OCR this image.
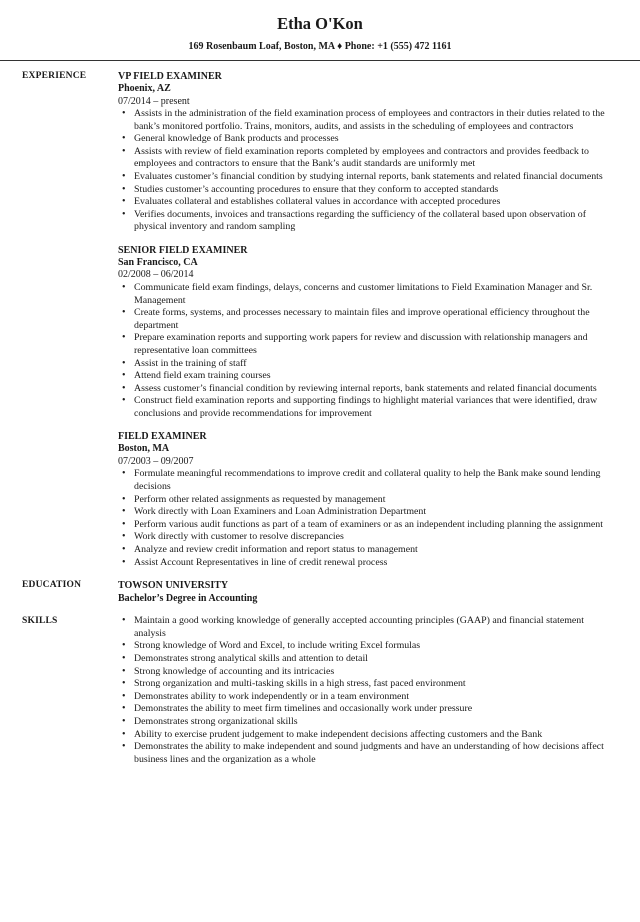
Etha O'Kon
169 Rosenbaum Loaf, Boston, MA ♦ Phone: +1 (555) 472 1161
EXPERIENCE	VP FIELD EXAMINER
Phoenix, AZ
07/2014 – present
• Assists in the administration of the field examination process of employees and contractors in their duties related to the bank’s monitored portfolio. Trains, monitors, audits, and assists in the scheduling of employees and contractors
• General knowledge of Bank products and processes
• Assists with review of field examination reports completed by employees and contractors and provides feedback to employees and contractors to ensure that the Bank’s audit standards are uniformly met
• Evaluates customer’s financial condition by studying internal reports, bank statements and related financial documents
• Studies customer’s accounting procedures to ensure that they conform to accepted standards
• Evaluates collateral and establishes collateral values in accordance with accepted procedures
• Verifies documents, invoices and transactions regarding the sufficiency of the collateral based upon observation of physical inventory and random sampling
SENIOR FIELD EXAMINER
San Francisco, CA
02/2008 – 06/2014
• Communicate field exam findings, delays, concerns and customer limitations to Field Examination Manager and Sr. Management
• Create forms, systems, and processes necessary to maintain files and improve operational efficiency throughout the department
• Prepare examination reports and supporting work papers for review and discussion with relationship managers and representative loan committees
• Assist in the training of staff
• Attend field exam training courses
• Assess customer’s financial condition by reviewing internal reports, bank statements and related financial documents
• Construct field examination reports and supporting findings to highlight material variances that were identified, draw conclusions and provide recommendations for improvement
FIELD EXAMINER
Boston, MA
07/2003 – 09/2007
• Formulate meaningful recommendations to improve credit and collateral quality to help the Bank make sound lending decisions
• Perform other related assignments as requested by management
• Work directly with Loan Examiners and Loan Administration Department
• Perform various audit functions as part of a team of examiners or as an independent including planning the assignment
• Work directly with customer to resolve discrepancies
• Analyze and review credit information and report status to management
• Assist Account Representatives in line of credit renewal process
EDUCATION	TOWSON UNIVERSITY
Bachelor’s Degree in Accounting
SKILLS
•	Maintain a good working knowledge of generally accepted accounting principles (GAAP) and financial statement analysis
• Strong knowledge of Word and Excel, to include writing Excel formulas
• Demonstrates strong analytical skills and attention to detail
• Strong knowledge of accounting and its intricacies
• Strong organization and multi-tasking skills in a high stress, fast paced environment
• Demonstrates ability to work independently or in a team environment
• Demonstrates the ability to meet firm timelines and occasionally work under pressure
• Demonstrates strong organizational skills
• Ability to exercise prudent judgement to make independent decisions affecting customers and the Bank
• Demonstrates the ability to make independent and sound judgments and have an understanding of how decisions affect business lines and the organization as a whole
